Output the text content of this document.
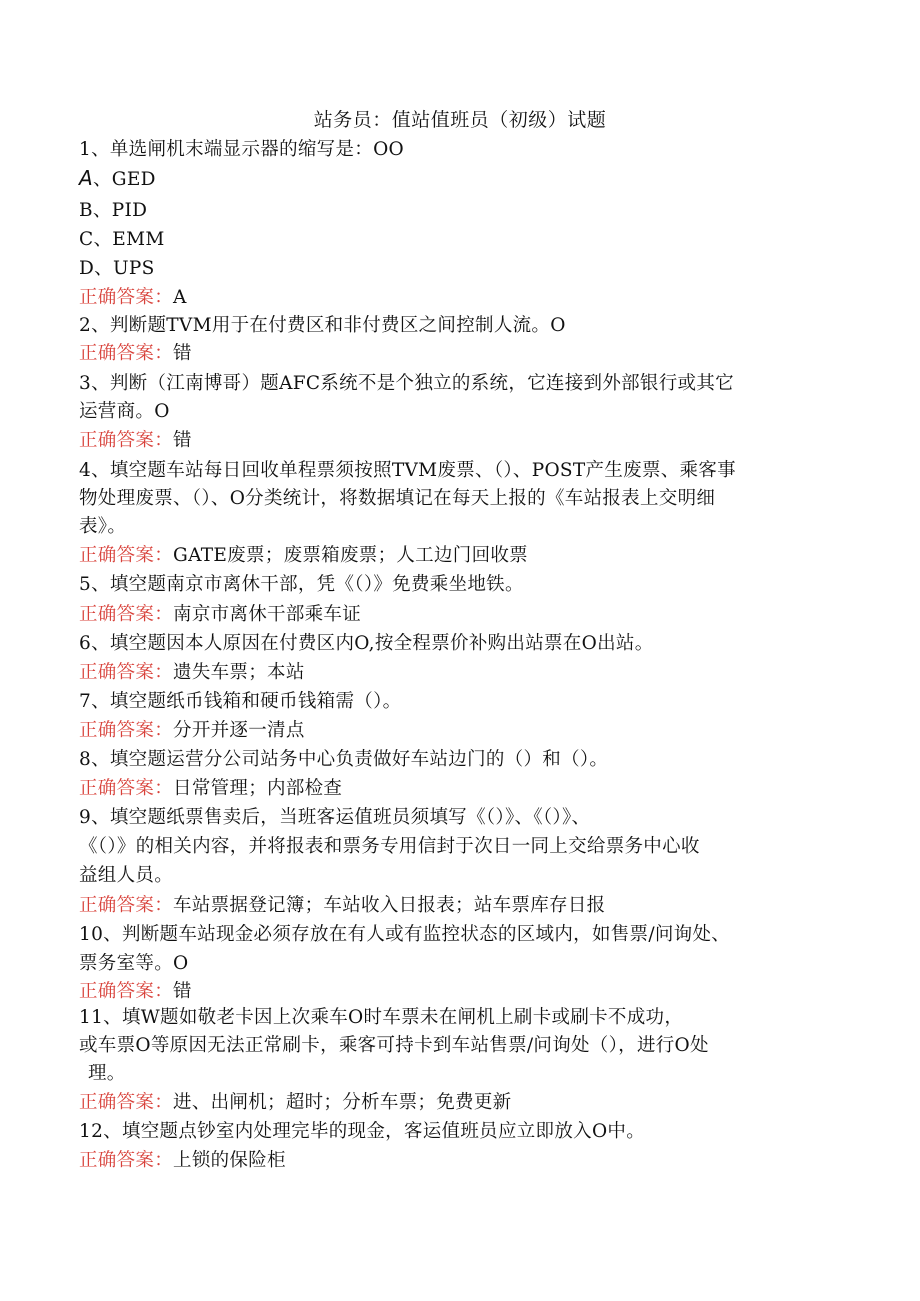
站务员：值站值班员（初级）试题
1、单选闸机末端显示器的缩写是：OO
A、GED
B、PID
C、EMM
D、UPS
正确答案：A
2、判断题TVM用于在付费区和非付费区之间控制人流。O
正确答案：错
3、判断（江南博哥）题AFC系统不是个独立的系统，它连接到外部银行或其它
运营商。O
正确答案：错
4、填空题车站每日回收单程票须按照TVM废票、（）、POST产生废票、乘客事
物处理废票、（）、O分类统计，将数据填记在每天上报的《车站报表上交明细
表》。
正确答案：GATE废票；废票箱废票；人工边门回收票
5、填空题南京市离休干部，凭《（）》免费乘坐地铁。
正确答案：南京市离休干部乘车证
6、填空题因本人原因在付费区内O,按全程票价补购出站票在O出站。
正确答案：遗失车票；本站
7、填空题纸币钱箱和硬币钱箱需（）。
正确答案：分开并逐一清点
8、填空题运营分公司站务中心负责做好车站边门的（）和（）。
正确答案：日常管理；内部检查
9、填空题纸票售卖后，当班客运值班员须填写《（）》、《（）》、
《（）》的相关内容，并将报表和票务专用信封于次日一同上交给票务中心收
益组人员。
正确答案：车站票据登记簿；车站收入日报表；站车票库存日报
10、判断题车站现金必须存放在有人或有监控状态的区域内，如售票/问询处、
票务室等。O
正确答案：错
11、填W题如敬老卡因上次乘车O时车票未在闸机上刷卡或刷卡不成功，
或车票O等原因无法正常刷卡，乘客可持卡到车站售票/问询处（），进行O处
理。
正确答案：进、出闸机；超时；分析车票；免费更新
12、填空题点钞室内处理完毕的现金，客运值班员应立即放入O中。
正确答案：上锁的保险柜
